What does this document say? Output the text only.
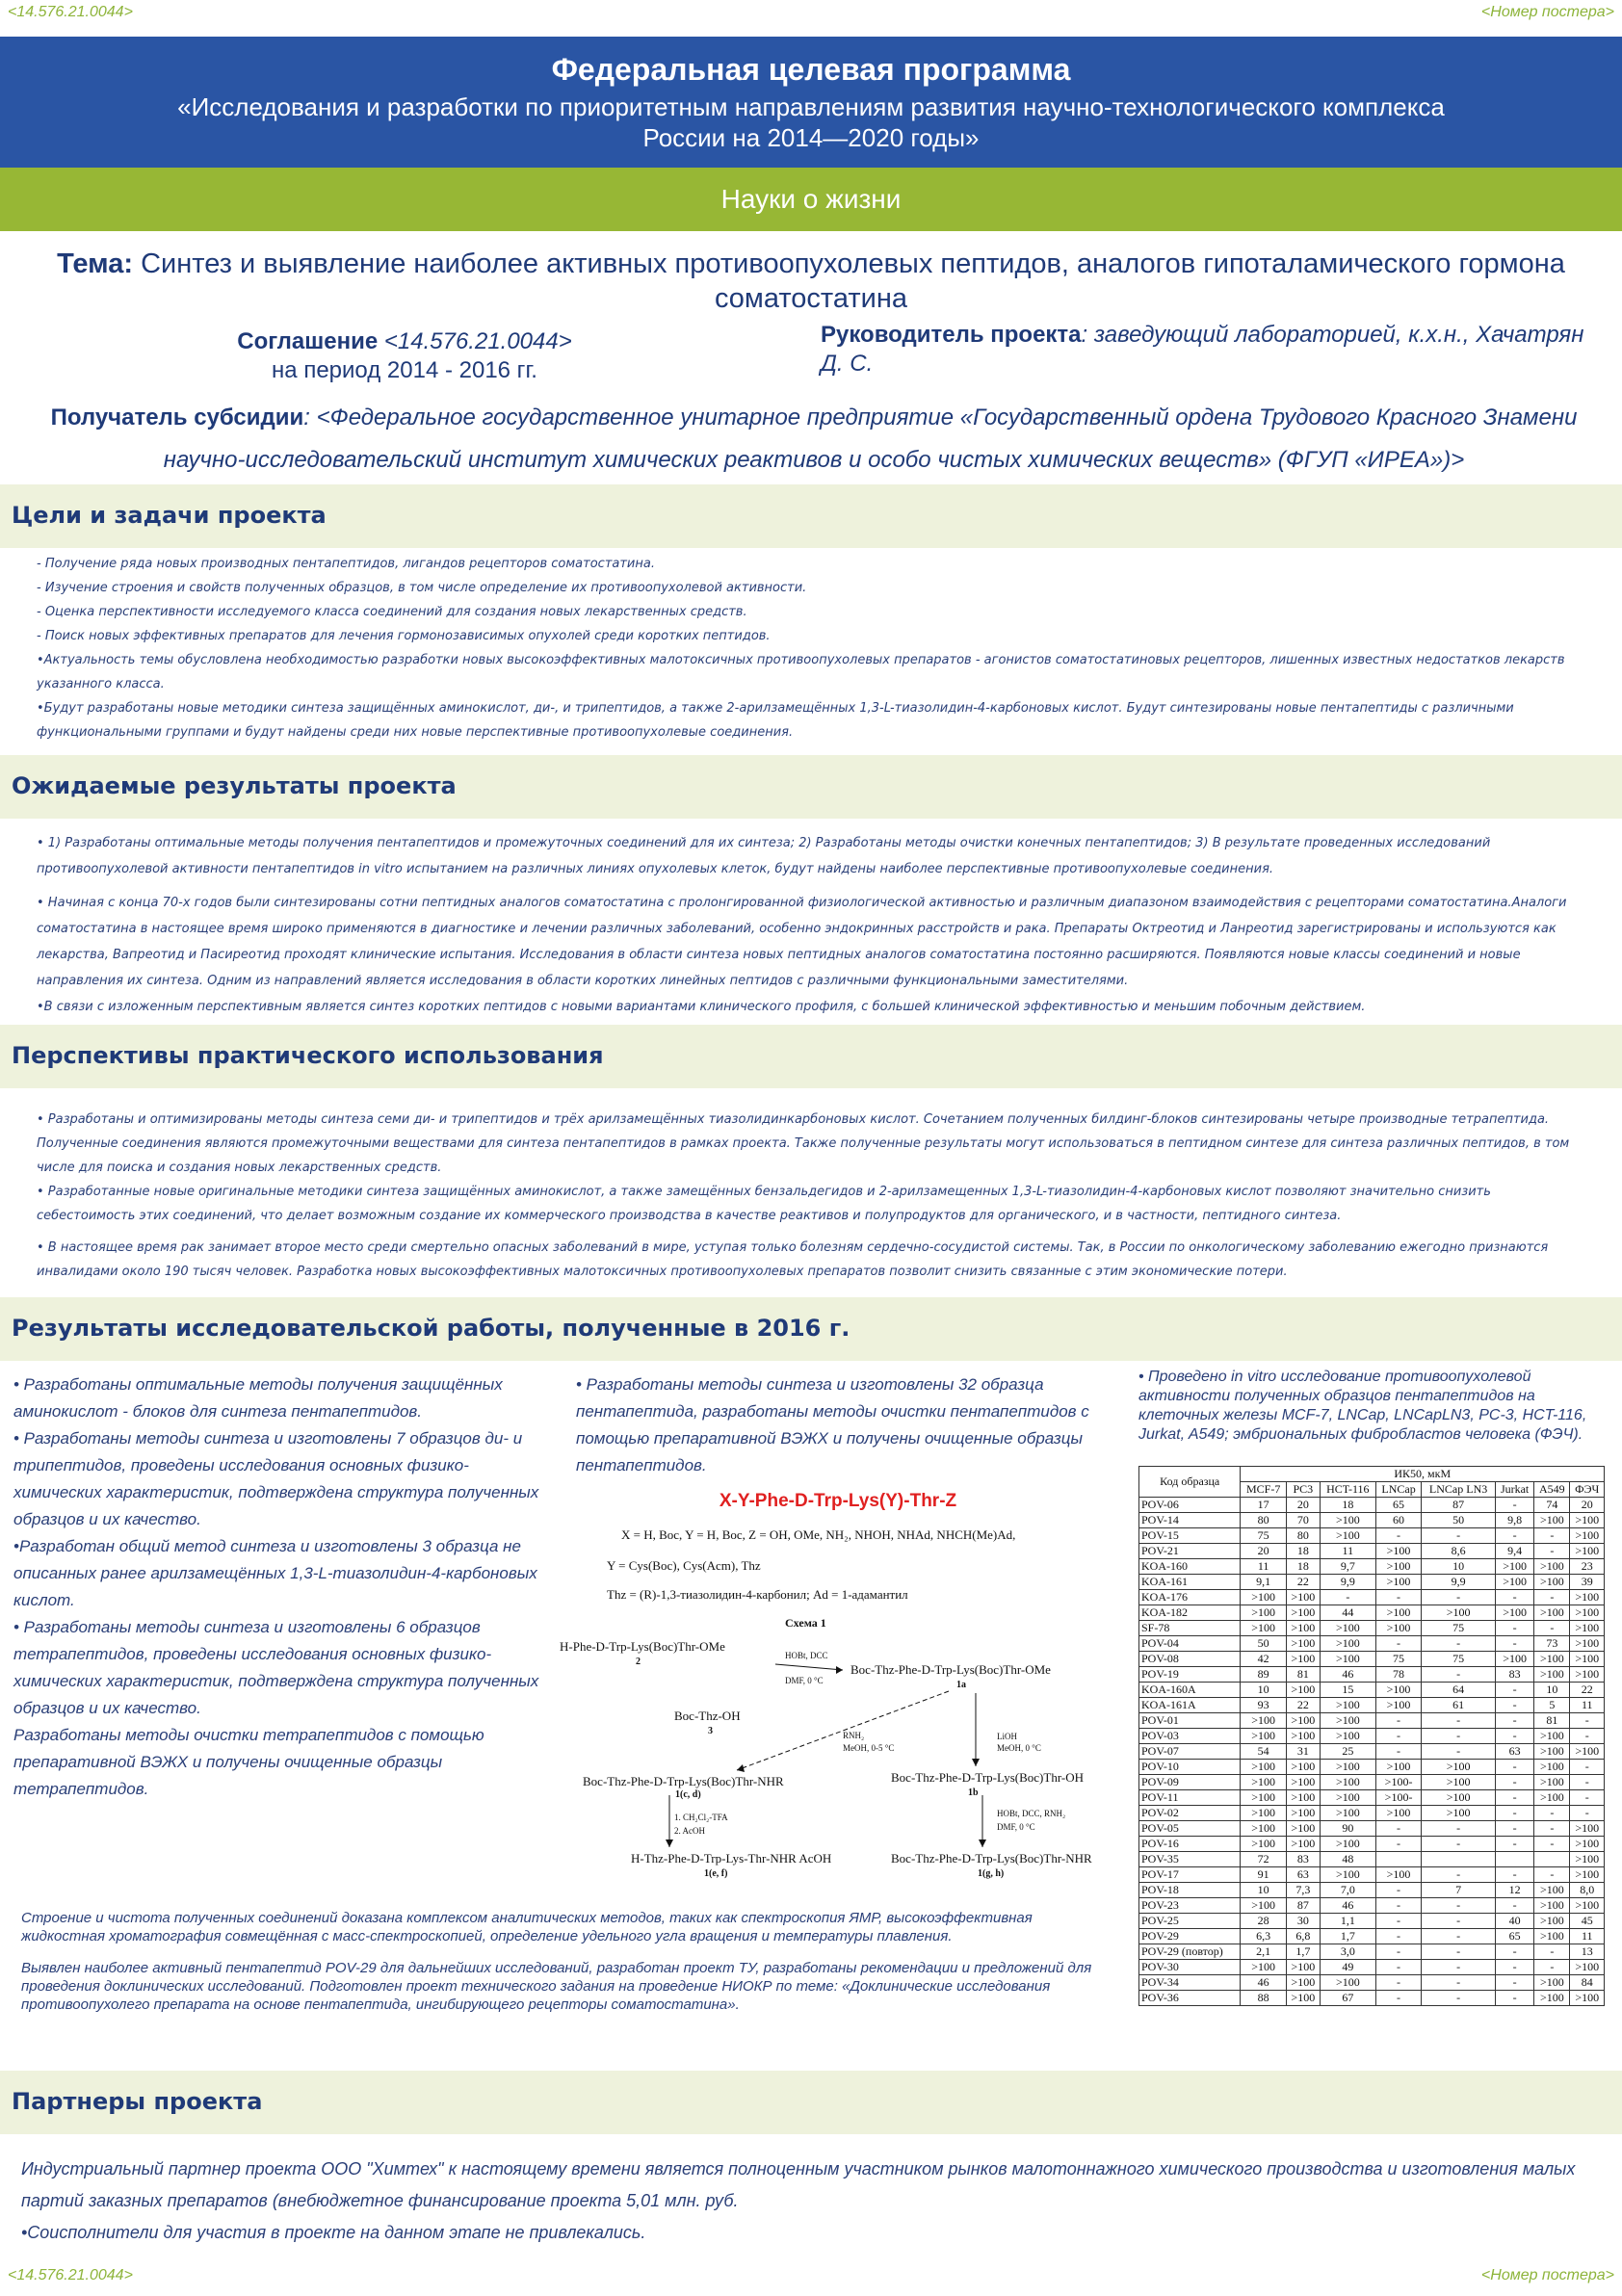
<14.576.21.0044>	<Номер постера>
<14.576.21.0044>	<Номер постера>
Федеральная целевая программа
«Исследования и разработки по приоритетным направлениям развития научно-технологического комплекса России на 2014—2020 годы»
Науки о жизни
Тема: Синтез и выявление наиболее активных противоопухолевых пептидов, аналогов гипоталамического гормона соматостатина
Соглашение <14.576.21.0044>
на период 2014 - 2016 гг.
Руководитель проекта: заведующий лабораторией, к.х.н., Хачатрян Д. С.
Получатель субсидии: <Федеральное государственное унитарное предприятие «Государственный ордена Трудового Красного Знамени научно-исследовательский институт химических реактивов и особо чистых химических веществ» (ФГУП «ИРЕА»)>
Цели и задачи проекта

- Получение ряда новых производных пентапептидов, лигандов рецепторов соматостатина.

- Изучение строения и свойств полученных образцов, в том числе определение их противоопухолевой активности.

- Оценка перспективности исследуемого класса соединений для создания новых лекарственных средств.

- Поиск новых эффективных препаратов для лечения гормонозависимых опухолей среди коротких пептидов.

•Актуальность темы обусловлена необходимостью разработки новых высокоэффективных малотоксичных противоопухолевых препаратов - агонистов соматостатиновых рецепторов, лишенных известных недостатков лекарств указанного класса.

•Будут разработаны новые методики синтеза защищённых аминокислот, ди-, и трипептидов, а также 2-арилзамещённых 1,3-L-тиазолидин-4-карбоновых кислот. Будут синтезированы новые пентапептиды с различными функциональными группами и будут найдены среди них новые перспективные противоопухолевые соединения.

Ожидаемые результаты проекта

• 1) Разработаны оптимальные методы получения пентапептидов и промежуточных соединений для их синтеза; 2) Разработаны методы очистки конечных пентапептидов; 3) В результате проведенных исследований противоопухолевой активности пентапептидов in vitro испытанием на различных линиях опухолевых клеток, будут найдены наиболее перспективные противоопухолевые соединения.

• Начиная с конца 70-х годов были синтезированы сотни пептидных аналогов соматостатина с пролонгированной физиологической активностью и различным диапазоном взаимодействия с рецепторами соматостатина.Аналоги соматостатина в настоящее время широко применяются в диагностике и лечении различных заболеваний, особенно эндокринных расстройств и рака. Препараты Октреотид и Ланреотид зарегистрированы и используются как лекарства, Вапреотид и Пасиреотид проходят клинические испытания. Исследования в области синтеза новых пептидных аналогов соматостатина постоянно расширяются. Появляются новые классы соединений и новые направления их синтеза. Одним из направлений является исследования в области коротких линейных пептидов с различными функциональными заместителями.

•В связи с изложенным перспективным является синтез коротких пептидов с новыми вариантами клинического профиля, с большей клинической эффективностью и меньшим побочным действием.

Перспективы практического использования

• Разработаны и оптимизированы методы синтеза семи ди- и трипептидов и трёх арилзамещённых тиазолидинкарбоновых кислот. Сочетанием полученных билдинг-блоков синтезированы четыре производные тетрапептида. Полученные соединения являются промежуточными веществами для синтеза пентапептидов в рамках проекта. Также полученные результаты могут использоваться в пептидном синтезе для синтеза различных пептидов, в том числе для поиска и создания новых лекарственных средств.

• Разработанные новые оригинальные методики синтеза защищённых аминокислот, а также замещённых бензальдегидов и 2-арилзамещенных 1,3-L-тиазолидин-4-карбоновых кислот позволяют значительно снизить себестоимость этих соединений, что делает возможным создание их коммерческого производства в качестве реактивов и полупродуктов для органического, и в частности, пептидного синтеза.

• В настоящее время рак занимает второе место среди смертельно опасных заболеваний в мире, уступая только болезням сердечно-сосудистой системы. Так, в России по онкологическому заболеванию ежегодно признаются инвалидами около 190 тысяч человек. Разработка новых высокоэффективных малотоксичных противоопухолевых препаратов позволит снизить связанные с этим экономические потери.

Результаты исследовательской работы, полученные в 2016 г.

• Разработаны оптимальные методы получения защищённых аминокислот - блоков для синтеза пентапептидов.

• Разработаны методы синтеза и изготовлены 7 образцов ди- и трипептидов, проведены исследования основных физико-химических характеристик, подтверждена структура полученных образцов и их качество.

•Разработан общий метод синтеза и изготовлены 3 образца не описанных ранее арилзамещённых 1,3-L-тиазолидин-4-карбоновых кислот.

• Разработаны методы синтеза и изготовлены 6 образцов тетрапептидов, проведены исследования основных физико-химических характеристик, подтверждена структура полученных образцов и их качество.

Разработаны методы очистки тетрапептидов с помощью препаративной ВЭЖХ и получены очищенные образцы тетрапептидов.

• Разработаны методы синтеза и изготовлены 32 образца пентапептида, разработаны методы очистки пентапептидов с помощью препаративной ВЭЖХ и получены очищенные образцы пентапептидов.
X-Y-Phe-D-Trp-Lys(Y)-Thr-Z
X = H, Boc, Y = H, Boc, Z = OH, OMe, NH₂, NHOH, NHAd, NHCH(Me)Ad,
Y = Cys(Boc), Cys(Acm), Thz
Thz = (R)-1,3-тиазолидин-4-карбонил; Ad = 1-адамантил
Схема 1
H-Phe-D-Trp-Lys(Boc)Thr-OMe
2
Boc-Thz-OH
3
HOBt, DCC
DMF, 0 °C
Boc-Thz-Phe-D-Trp-Lys(Boc)Thr-OMe
1a
RNH₂
MeOH, 0-5 °C
LiOH
MeOH, 0 °C
Boc-Thz-Phe-D-Trp-Lys(Boc)Thr-NHR
1(c, d)
Boc-Thz-Phe-D-Trp-Lys(Boc)Thr-OH
1b
1. CH₂Cl₂-TFA
2. AcOH
HOBt, DCC, RNH₂
DMF, 0 °C
H-Thz-Phe-D-Trp-Lys-Thr-NHR AcOH
1(e, f)
Boc-Thz-Phe-D-Trp-Lys(Boc)Thr-NHR
1(g, h)

Строение и чистота полученных соединений доказана комплексом аналитических методов, таких как спектроскопия ЯМР, высокоэффективная жидкостная хроматография совмещённая с масс-спектроскопией, определение удельного угла вращения и температуры плавления.

Выявлен наиболее активный пентапептид POV-29 для дальнейших исследований, разработан проект ТУ, разработаны рекомендации и предложений для проведения доклинических исследований. Подготовлен проект технического задания на проведение НИОКР по теме: «Доклинические исследования противоопухолего препарата на основе пентапептида, ингибирующего рецепторы соматостатина».

• Проведено in vitro исследование противоопухолевой активности полученных образцов пентапептидов на клеточных железы MCF-7, LNCap, LNCapLN3, PC-3, HCT-116, Jurkat, A549; эмбриональных фибробластов человека (ФЭЧ).
Код образца	ИК50, мкМ							
	MCF-7	PC3	HCT-116	LNCap	LNCap LN3	Jurkat	A549	ФЭЧ
POV-06	17	20	18	65	87	-	74	20
POV-14	80	70	>100	60	50	9,8	>100	>100
POV-15	75	80	>100	-	-	-	-	>100
POV-21	20	18	11	>100	8,6	9,4	-	>100
KOA-160	11	18	9,7	>100	10	>100	>100	23
KOA-161	9,1	22	9,9	>100	9,9	>100	>100	39
KOA-176	>100	>100	-	-	-	-	-	>100
KOA-182	>100	>100	44	>100	>100	>100	>100	>100
SF-78	>100	>100	>100	>100	75	-	-	>100
POV-04	50	>100	>100	-	-	-	73	>100
POV-08	42	>100	>100	75	75	>100	>100	>100
POV-19	89	81	46	78	-	83	>100	>100
KOA-160A	10	>100	15	>100	64	-	10	22
KOA-161A	93	22	>100	>100	61	-	5	11
POV-01	>100	>100	>100	-	-	-	81	-
POV-03	>100	>100	>100	-	-	-	>100	-
POV-07	54	31	25	-	-	63	>100	>100
POV-10	>100	>100	>100	>100	>100	-	>100	-
POV-09	>100	>100	>100	>100-	>100	-	>100	-
POV-11	>100	>100	>100	>100-	>100	-	>100	-
POV-02	>100	>100	>100	>100	>100	-	-	-
POV-05	>100	>100	90	-	-	-	-	>100
POV-16	>100	>100	>100	-	-	-	-	>100
POV-35	72	83	48					>100
POV-17	91	63	>100	>100	-	-	-	>100
POV-18	10	7,3	7,0	-	7	12	>100	8,0
POV-23	>100	87	46	-	-	-	>100	>100
POV-25	28	30	1,1	-	-	40	>100	45
POV-29	6,3	6,8	1,7	-	-	65	>100	11
POV-29 (повтор)	2,1	1,7	3,0	-	-	-	-	13
POV-30	>100	>100	49	-	-	-	-	>100
POV-34	46	>100	>100	-	-	-	>100	84
POV-36	88	>100	67	-	-	-	>100	>100
Партнеры проекта

Индустриальный партнер проекта ООО "Химтех" к настоящему времени является полноценным участником рынков малотоннажного химического производства и изготовления малых партий заказных препаратов (внебюджетное финансирование проекта 5,01 млн. руб.

•Соисполнители для участия в проекте на данном этапе не привлекались.
